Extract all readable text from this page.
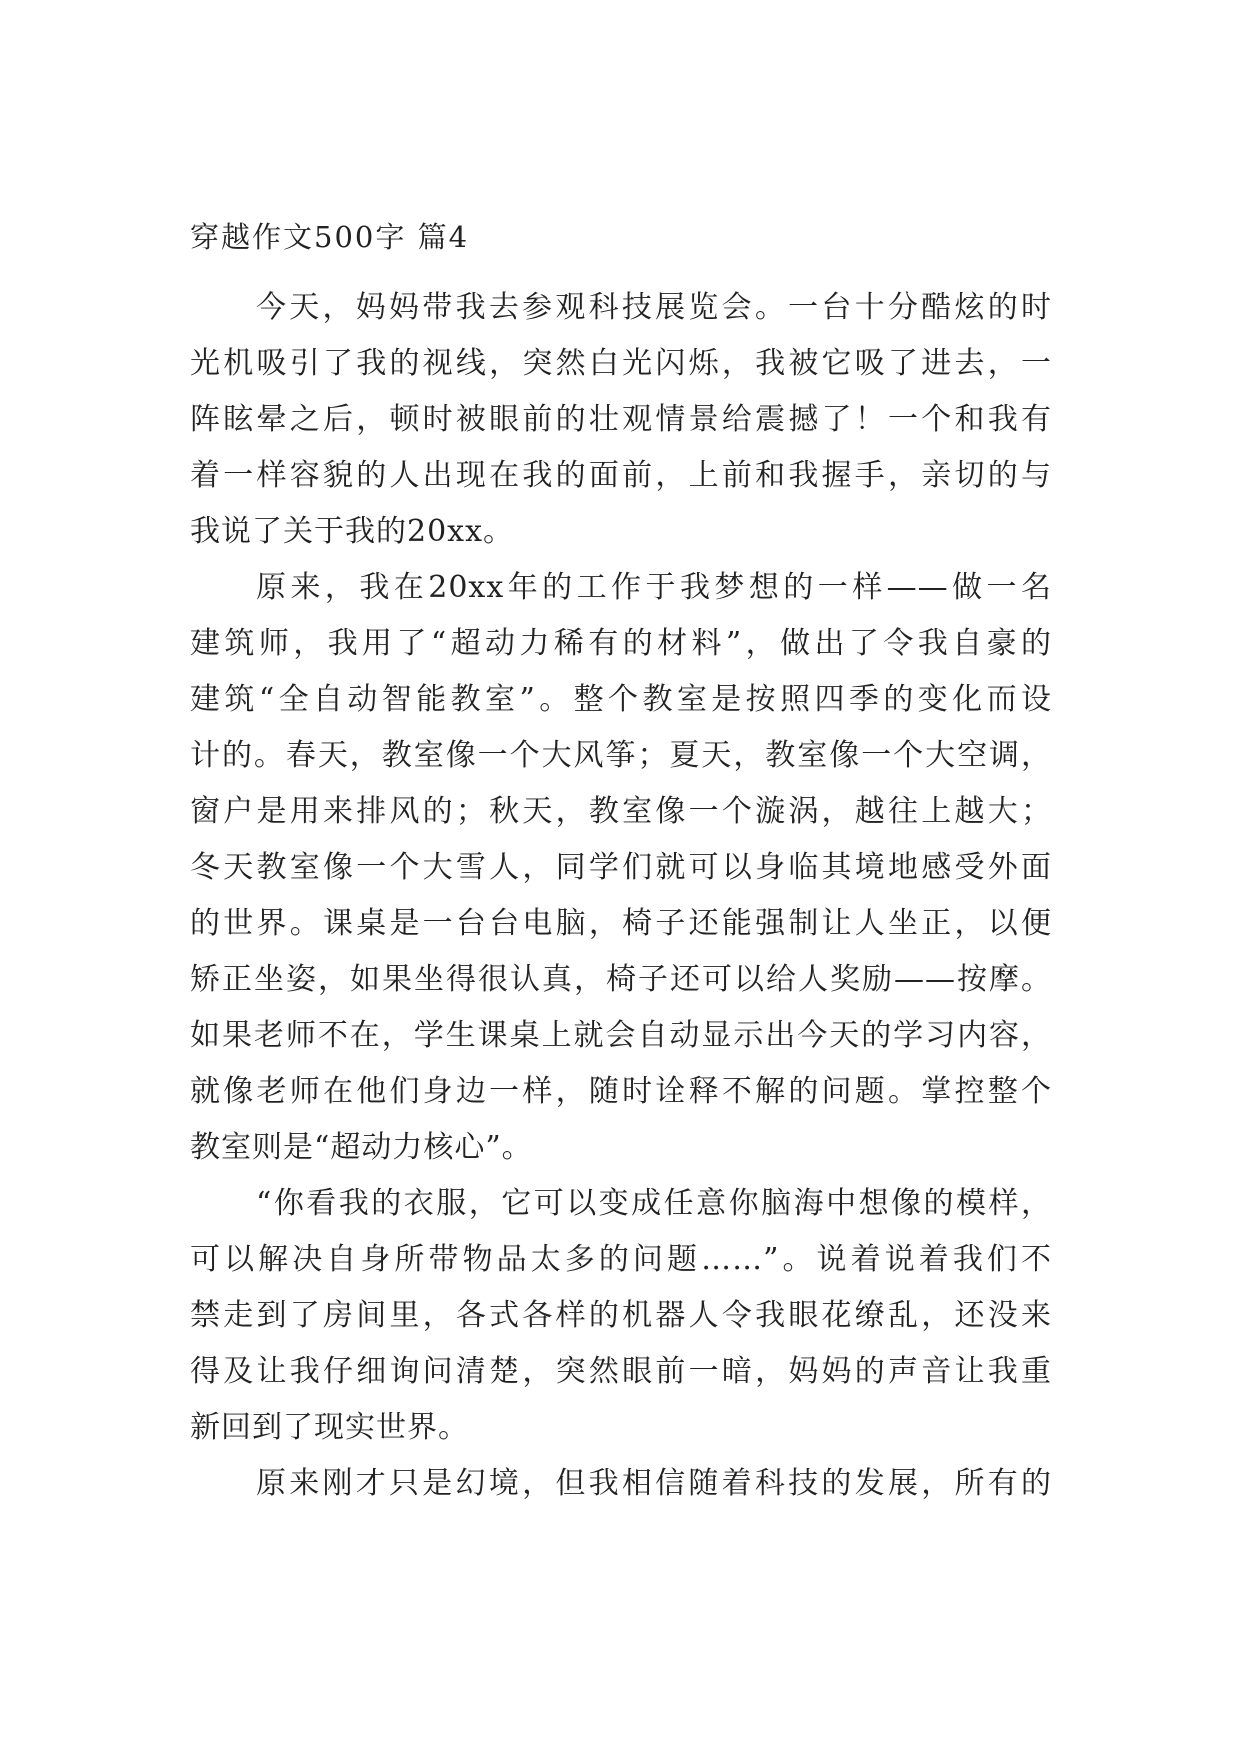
穿越作文500字 篇4

今天，妈妈带我去参观科技展览会。一台十分酷炫的时
光机吸引了我的视线，突然白光闪烁，我被它吸了进去，一
阵眩晕之后，顿时被眼前的壮观情景给震撼了！一个和我有
着一样容貌的人出现在我的面前，上前和我握手，亲切的与
我说了关于我的20xx。

原来，我在20xx年的工作于我梦想的一样——做一名
建筑师，我用了“超动力稀有的材料”，做出了令我自豪的
建筑“全自动智能教室”。整个教室是按照四季的变化而设
计的。春天，教室像一个大风筝；夏天，教室像一个大空调，
窗户是用来排风的；秋天，教室像一个漩涡，越往上越大；
冬天教室像一个大雪人，同学们就可以身临其境地感受外面
的世界。课桌是一台台电脑，椅子还能强制让人坐正，以便
矫正坐姿，如果坐得很认真，椅子还可以给人奖励——按摩。
如果老师不在，学生课桌上就会自动显示出今天的学习内容，
就像老师在他们身边一样，随时诠释不解的问题。掌控整个
教室则是“超动力核心”。

“你看我的衣服，它可以变成任意你脑海中想像的模样，
可以解决自身所带物品太多的问题……”。说着说着我们不
禁走到了房间里，各式各样的机器人令我眼花缭乱，还没来
得及让我仔细询问清楚，突然眼前一暗，妈妈的声音让我重
新回到了现实世界。

原来刚才只是幻境，但我相信随着科技的发展，所有的
